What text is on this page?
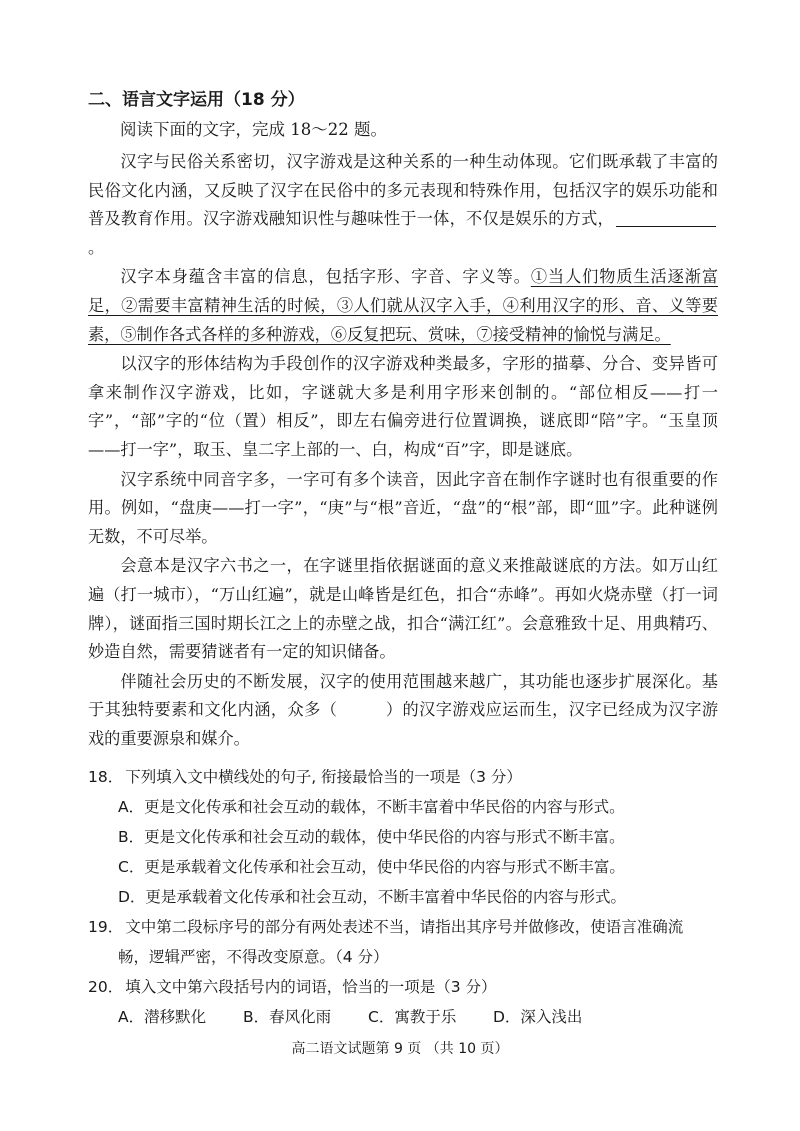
二、语言文字运用（18 分）
阅读下面的文字，完成 18～22 题。

汉字与民俗关系密切，汉字游戏是这种关系的一种生动体现。它们既承载了丰富的民俗文化内涵，又反映了汉字在民俗中的多元表现和特殊作用，包括汉字的娱乐功能和普及教育作用。汉字游戏融知识性与趣味性于一体，不仅是娱乐的方式，。

汉字本身蕴含丰富的信息，包括字形、字音、字义等。①当人们物质生活逐渐富足，②需要丰富精神生活的时候，③人们就从汉字入手，④利用汉字的形、音、义等要素，⑤制作各式各样的多种游戏，⑥反复把玩、赏味，⑦接受精神的愉悦与满足。

以汉字的形体结构为手段创作的汉字游戏种类最多，字形的描摹、分合、变异皆可拿来制作汉字游戏，比如，字谜就大多是利用字形来创制的。“部位相反——打一字”，“部”字的“位（置）相反”，即左右偏旁进行位置调换，谜底即“陪”字。“玉皇顶——打一字”，取玉、皇二字上部的一、白，构成“百”字，即是谜底。

汉字系统中同音字多，一字可有多个读音，因此字音在制作字谜时也有很重要的作用。例如，“盘庚——打一字”，“庚”与“根”音近，“盘”的“根”部，即“皿”字。此种谜例无数，不可尽举。

会意本是汉字六书之一，在字谜里指依据谜面的意义来推敲谜底的方法。如万山红遍（打一城市），“万山红遍”，就是山峰皆是红色，扣合“赤峰”。再如火烧赤壁（打一词牌），谜面指三国时期长江之上的赤壁之战，扣合“满江红”。会意雅致十足、用典精巧、妙造自然，需要猜谜者有一定的知识储备。

伴随社会历史的不断发展，汉字的使用范围越来越广，其功能也逐步扩展深化。基于其独特要素和文化内涵，众多（	）的汉字游戏应运而生，汉字已经成为汉字游戏的重要源泉和媒介。

18． 下列填入文中横线处的句子, 衔接最恰当的一项是（3 分）

A．更是文化传承和社会互动的载体，不断丰富着中华民俗的内容与形式。

B．更是文化传承和社会互动的载体，使中华民俗的内容与形式不断丰富。

C．更是承载着文化传承和社会互动，使中华民俗的内容与形式不断丰富。

D．更是承载着文化传承和社会互动，不断丰富着中华民俗的内容与形式。

19． 文中第二段标序号的部分有两处表述不当，请指出其序号并做修改，使语言准确流

畅，逻辑严密，不得改变原意。（4 分）

20． 填入文中第六段括号内的词语，恰当的一项是（3 分）

A．潜移默化	B．春风化雨	C．寓教于乐	D．深入浅出
高二语文试题第 9 页 （共 10 页）
